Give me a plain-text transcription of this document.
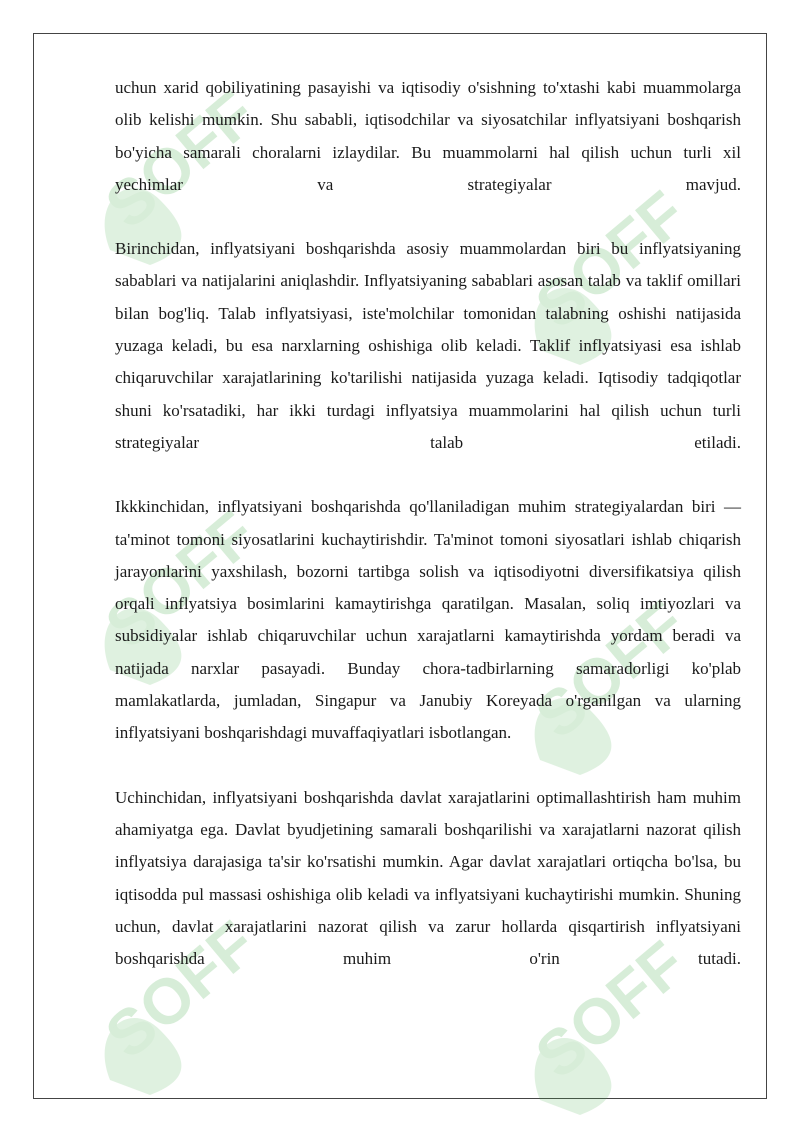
SOFF
SOFF
SOFF
SOFF
SOFF	SOFF

uchun xarid qobiliyatining pasayishi va iqtisodiy o'sishning to'xtashi kabi muammolarga olib kelishi mumkin. Shu sababli, iqtisodchilar va siyosatchilar inflyatsiyani boshqarish bo'yicha samarali choralarni izlaydilar. Bu muammolarni hal qilish uchun turli xil yechimlar va strategiyalar mavjud.

Birinchidan, inflyatsiyani boshqarishda asosiy muammolardan biri bu inflyatsiyaning sabablari va natijalarini aniqlashdir. Inflyatsiyaning sabablari asosan talab va taklif omillari bilan bog'liq. Talab inflyatsiyasi, iste'molchilar tomonidan talabning oshishi natijasida yuzaga keladi, bu esa narxlarning oshishiga olib keladi. Taklif inflyatsiyasi esa ishlab chiqaruvchilar xarajatlarining ko'tarilishi natijasida yuzaga keladi. Iqtisodiy tadqiqotlar shuni ko'rsatadiki, har ikki turdagi inflyatsiya muammolarini hal qilish uchun turli strategiyalar talab etiladi.

Ikkkinchidan, inflyatsiyani boshqarishda qo'llaniladigan muhim strategiyalardan biri — ta'minot tomoni siyosatlarini kuchaytirishdir. Ta'minot tomoni siyosatlari ishlab chiqarish jarayonlarini yaxshilash, bozorni tartibga solish va iqtisodiyotni diversifikatsiya qilish orqali inflyatsiya bosimlarini kamaytirishga qaratilgan. Masalan, soliq imtiyozlari va subsidiyalar ishlab chiqaruvchilar uchun xarajatlarni kamaytirishda yordam beradi va natijada narxlar pasayadi. Bunday chora-tadbirlarning samaradorligi ko'plab mamlakatlarda, jumladan, Singapur va Janubiy Koreyada o'rganilgan va ularning inflyatsiyani boshqarishdagi muvaffaqiyatlari isbotlangan.

Uchinchidan, inflyatsiyani boshqarishda davlat xarajatlarini optimallashtirish ham muhim ahamiyatga ega. Davlat byudjetining samarali boshqarilishi va xarajatlarni nazorat qilish inflyatsiya darajasiga ta'sir ko'rsatishi mumkin. Agar davlat xarajatlari ortiqcha bo'lsa, bu iqtisodda pul massasi oshishiga olib keladi va inflyatsiyani kuchaytirishi mumkin. Shuning uchun, davlat xarajatlarini nazorat qilish va zarur hollarda qisqartirish inflyatsiyani boshqarishda muhim o'rin tutadi.
